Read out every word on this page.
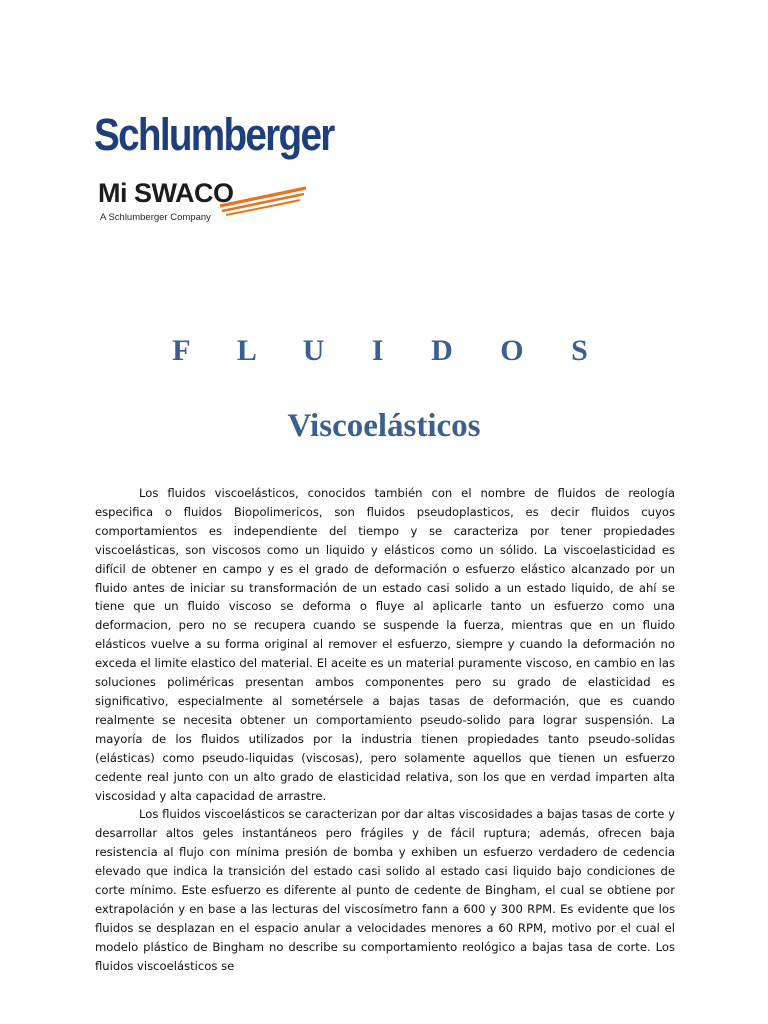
Schlumberger
Mi SWACO
A Schlumberger Company
F L U I D O S
Viscoelásticos

Los fluidos viscoelásticos, conocidos también con el nombre de fluidos de reología especifica o fluidos Biopolimericos, son fluidos pseudoplasticos, es decir fluidos cuyos comportamientos es independiente del tiempo y se caracteriza por tener propiedades viscoelásticas, son viscosos como un liquido y elásticos como un sólido. La viscoelasticidad es difícil de obtener en campo y es el grado de deformación o esfuerzo elástico alcanzado por un fluido antes de iniciar su transformación de un estado casi solido a un estado liquido, de ahí se tiene que un fluido viscoso se deforma o fluye al aplicarle tanto un esfuerzo como una deformacion, pero no se recupera cuando se suspende la fuerza, mientras que en un fluido elásticos vuelve a su forma original al remover el esfuerzo, siempre y cuando la deformación no exceda el limite elastico del material. El aceite es un material puramente viscoso, en cambio en las soluciones poliméricas presentan ambos componentes pero su grado de elasticidad es significativo, especialmente al sometérsele a bajas tasas de deformación, que es cuando realmente se necesita obtener un comportamiento pseudo-solido para lograr suspensión. La mayoría de los fluidos utilizados por la industria tienen propiedades tanto pseudo-solidas (elásticas) como pseudo-liquidas (viscosas), pero solamente aquellos que tienen un esfuerzo cedente real junto con un alto grado de elasticidad relativa, son los que en verdad imparten alta viscosidad y alta capacidad de arrastre.

Los fluidos viscoelásticos se caracterizan por dar altas viscosidades a bajas tasas de corte y desarrollar altos geles instantáneos pero frágiles y de fácil ruptura; además, ofrecen baja resistencia al flujo con mínima presión de bomba y exhiben un esfuerzo verdadero de cedencia elevado que indica la transición del estado casi solido al estado casi liquido bajo condiciones de corte mínimo. Este esfuerzo es diferente al punto de cedente de Bingham, el cual se obtiene por extrapolación y en base a las lecturas del viscosímetro fann a 600 y 300 RPM. Es evidente que los fluidos se desplazan en el espacio anular a velocidades menores a 60 RPM, motivo por el cual el modelo plástico de Bingham no describe su comportamiento reológico a bajas tasa de corte. Los fluidos viscoelásticos se
